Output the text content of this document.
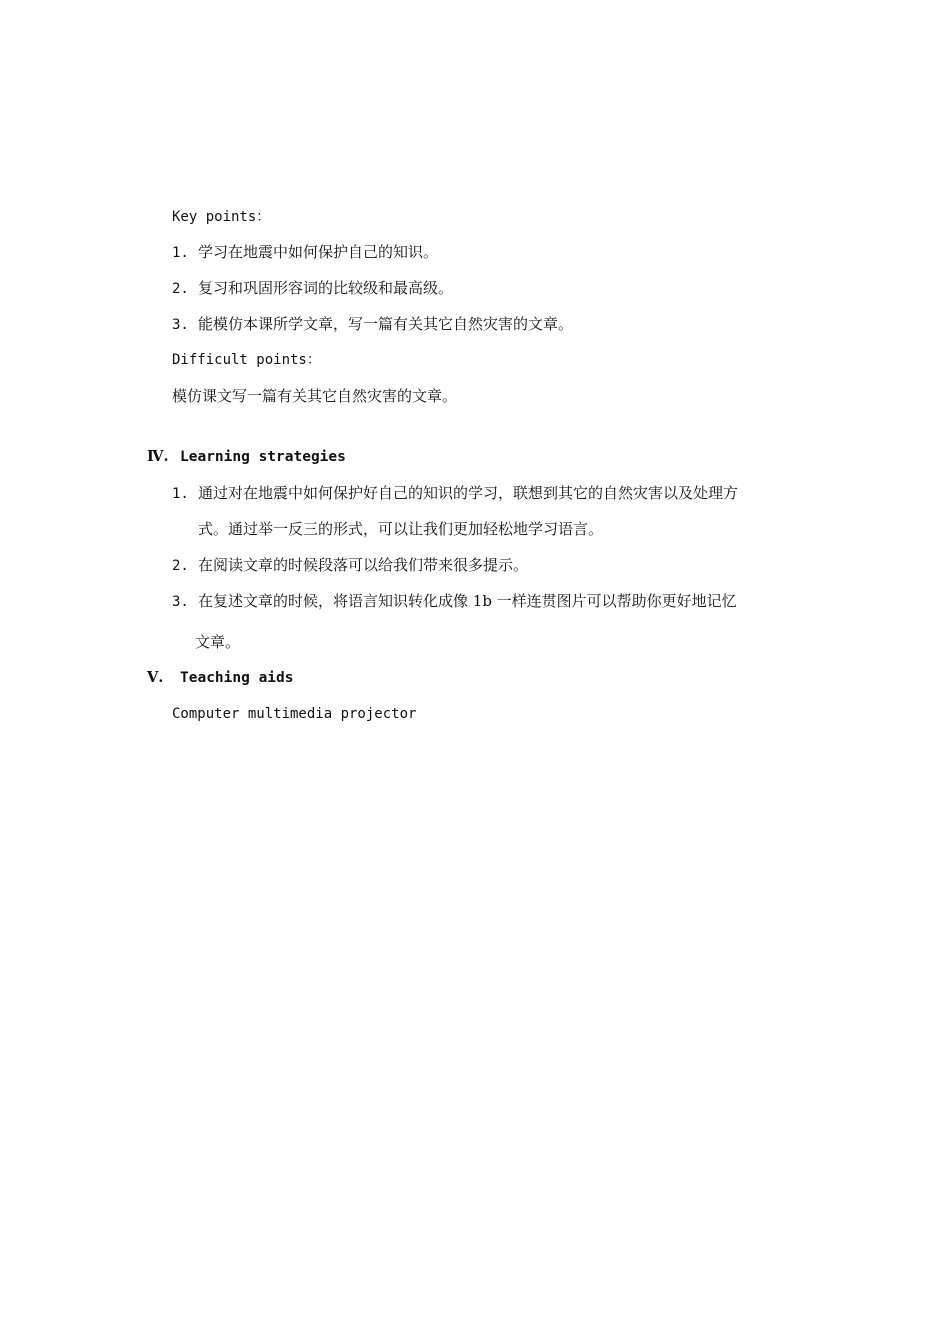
Key points：
1. 学习在地震中如何保护自己的知识。
2. 复习和巩固形容词的比较级和最高级。
3. 能模仿本课所学文章，写一篇有关其它自然灾害的文章。
Difficult points：
模仿课文写一篇有关其它自然灾害的文章。
Ⅳ. Learning strategies
1. 通过对在地震中如何保护好自己的知识的学习，联想到其它的自然灾害以及处理方
式。通过举一反三的形式，可以让我们更加轻松地学习语言。
2. 在阅读文章的时候段落可以给我们带来很多提示。
3. 在复述文章的时候，将语言知识转化成像 1b 一样连贯图片可以帮助你更好地记忆
文章。
Ⅴ. Teaching aids
Computer multimedia projector
